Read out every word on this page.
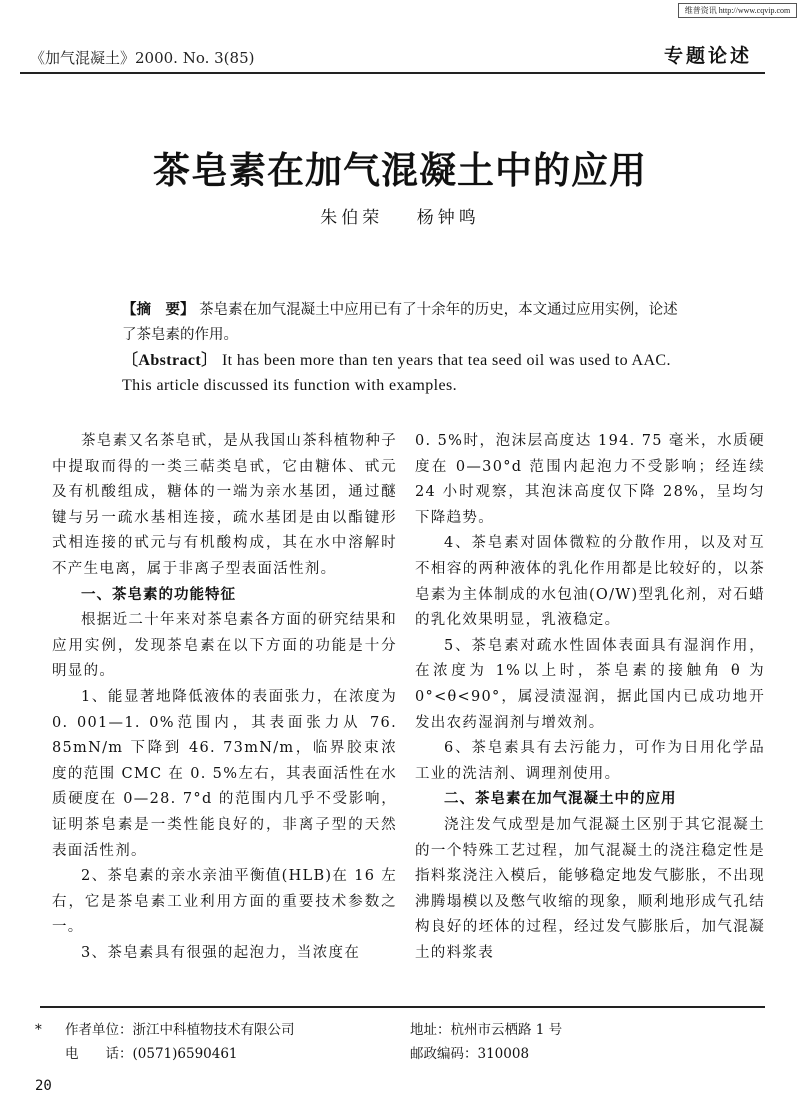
维普资讯 http://www.cqvip.com
《加气混凝土》2000. No. 3(85)	专题论述
茶皂素在加气混凝土中的应用
朱伯荣 杨钟鸣
【摘　要】 茶皂素在加气混凝土中应用已有了十余年的历史，本文通过应用实例，论述了茶皂素的作用。
〔Abstract〕 It has been more than ten years that tea seed oil was used to AAC. This article discussed its function with examples.

茶皂素又名茶皂甙，是从我国山茶科植物种子中提取而得的一类三萜类皂甙，它由糖体、甙元及有机酸组成，糖体的一端为亲水基团，通过醚键与另一疏水基相连接，疏水基团是由以酯键形式相连接的甙元与有机酸构成，其在水中溶解时不产生电离，属于非离子型表面活性剂。

一、茶皂素的功能特征

根据近二十年来对茶皂素各方面的研究结果和应用实例，发现茶皂素在以下方面的功能是十分明显的。

1、能显著地降低液体的表面张力，在浓度为 0. 001—1. 0%范围内，其表面张力从 76. 85mN/m 下降到 46. 73mN/m，临界胶束浓度的范围 CMC 在 0. 5%左右，其表面活性在水质硬度在 0—28. 7°d 的范围内几乎不受影响，证明茶皂素是一类性能良好的，非离子型的天然表面活性剂。

2、茶皂素的亲水亲油平衡值(HLB)在 16 左右，它是茶皂素工业利用方面的重要技术参数之一。

3、茶皂素具有很强的起泡力，当浓度在

0. 5%时，泡沫层高度达 194. 75 毫米，水质硬度在 0—30°d 范围内起泡力不受影响；经连续 24 小时观察，其泡沫高度仅下降 28%，呈均匀下降趋势。

4、茶皂素对固体微粒的分散作用，以及对互不相容的两种液体的乳化作用都是比较好的，以茶皂素为主体制成的水包油(O/W)型乳化剂，对石蜡的乳化效果明显，乳液稳定。

5、茶皂素对疏水性固体表面具有湿润作用，在浓度为 1%以上时，茶皂素的接触角 θ 为 0°<θ<90°，属浸渍湿润，据此国内已成功地开发出农药湿润剂与增效剂。

6、茶皂素具有去污能力，可作为日用化学品工业的洗洁剂、调理剂使用。

二、茶皂素在加气混凝土中的应用

浇注发气成型是加气混凝土区别于其它混凝土的一个特殊工艺过程，加气混凝土的浇注稳定性是指料浆浇注入模后，能够稳定地发气膨胀，不出现沸腾塌模以及憋气收缩的现象，顺利地形成气孔结构良好的坯体的过程，经过发气膨胀后，加气混凝土的料浆表

* 作者单位：浙江中科植物技术有限公司	地址：杭州市云栖路 1 号
电　　话：(0571)6590461	邮政编码：310008
20
